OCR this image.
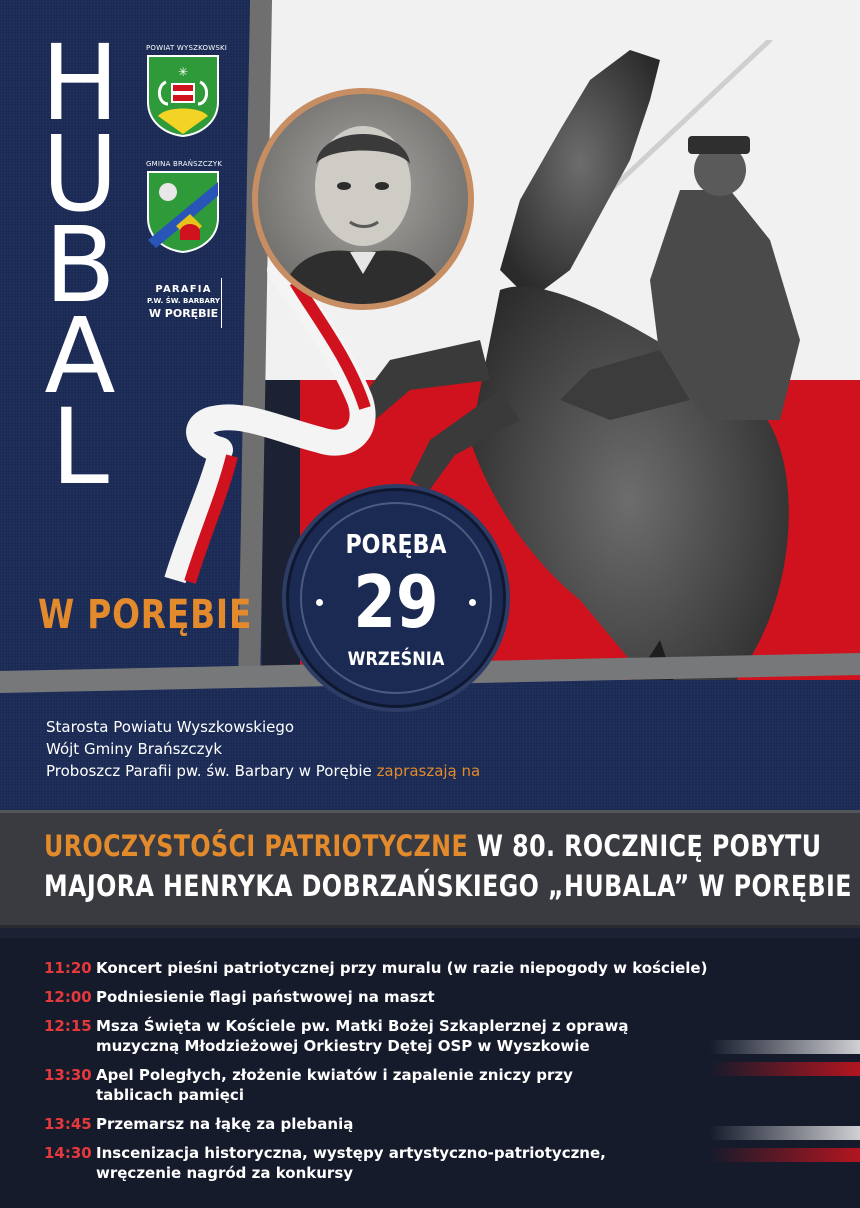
H
U
B
A
L
W PORĘBIE
POWIAT WYSZKOWSKI
✳
GMINA BRAŃSZCZYK
PARAFIA
P.W. ŚW. BARBARY
W PORĘBIE
PORĘBA
29
WRZEŚNIA
Starosta Powiatu Wyszkowskiego
Wójt Gminy Brańszczyk
Proboszcz Parafii pw. św. Barbary w Porębie zapraszają na
UROCZYSTOŚCI PATRIOTYCZNE W 80. ROCZNICĘ POBYTU
MAJORA HENRYKA DOBRZAŃSKIEGO „HUBALA” W PORĘBIE
11:20 Koncert pieśni patriotycznej przy muralu (w razie niepogody w kościele)
12:00 Podniesienie flagi państwowej na maszt
12:15 Msza Święta w Kościele pw. Matki Bożej Szkaplerznej z oprawą
muzyczną Młodzieżowej Orkiestry Dętej OSP w Wyszkowie
13:30 Apel Poległych, złożenie kwiatów i zapalenie zniczy przy
tablicach pamięci
13:45 Przemarsz na łąkę za plebanią
14:30 Inscenizacja historyczna, występy artystyczno-patriotyczne,
wręczenie nagród za konkursy
